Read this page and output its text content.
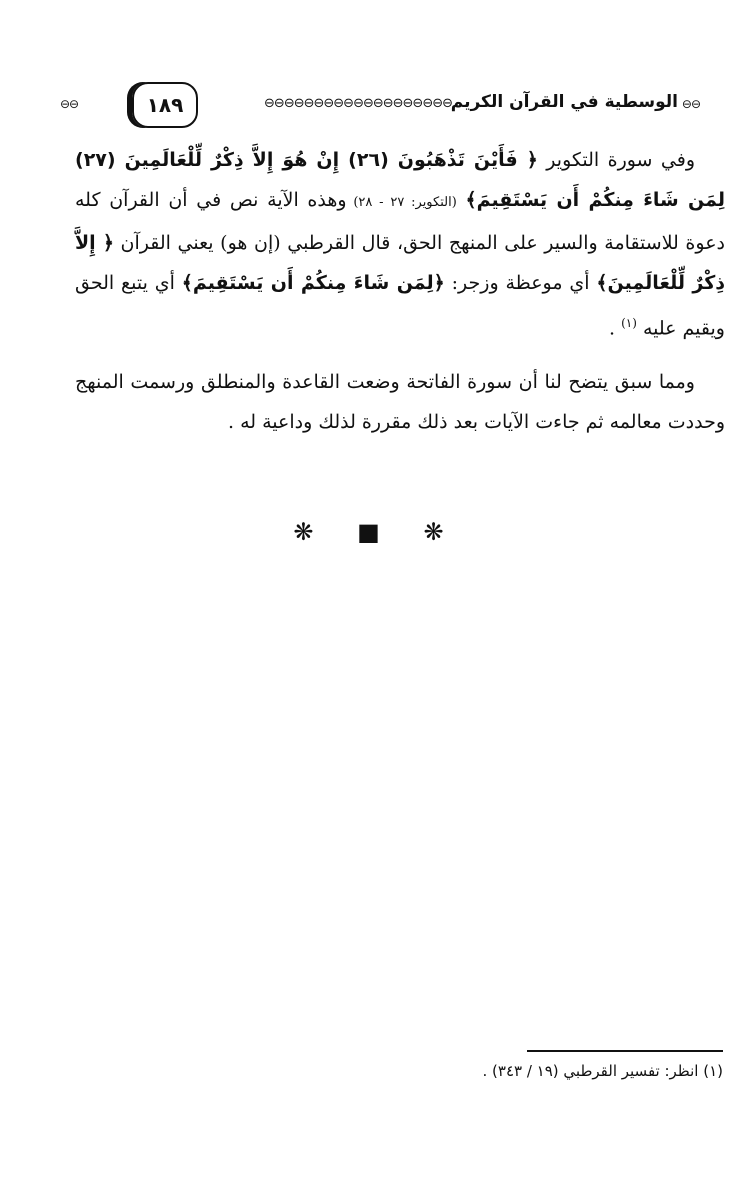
⊖⊖
الوسطية في القرآن الكريم
⊖⊖⊖⊖⊖⊖⊖⊖⊖⊖⊖⊖⊖⊖⊖⊖⊖⊖⊖
١٨٩
⊖⊖

وفي سورة التكوير ﴿ فَأَيْنَ تَذْهَبُونَ (٢٦) إِنْ هُوَ إِلاَّ ذِكْرٌ لِّلْعَالَمِينَ (٢٧) لِمَن شَاءَ مِنكُمْ أَن يَسْتَقِيمَ﴾ (التكوير: ٢٧ - ٢٨) وهذه الآية نص في أن القرآن كله دعوة للاستقامة والسير على المنهج الحق، قال القرطبي (إن هو) يعني القرآن ﴿ إِلاَّ ذِكْرٌ لِّلْعَالَمِينَ﴾ أي موعظة وزجر: ﴿لِمَن شَاءَ مِنكُمْ أَن يَسْتَقِيمَ﴾ أي يتبع الحق ويقيم عليه $^{(١)}$ .

ومما سبق يتضح لنا أن سورة الفاتحة وضعت القاعدة والمنطلق ورسمت المنهج وحددت معالمه ثم جاءت الآيات بعد ذلك مقررة لذلك وداعية له .

❋ ■ ❋
(١) انظر: تفسير القرطبي (١٩ / ٣٤٣) .
